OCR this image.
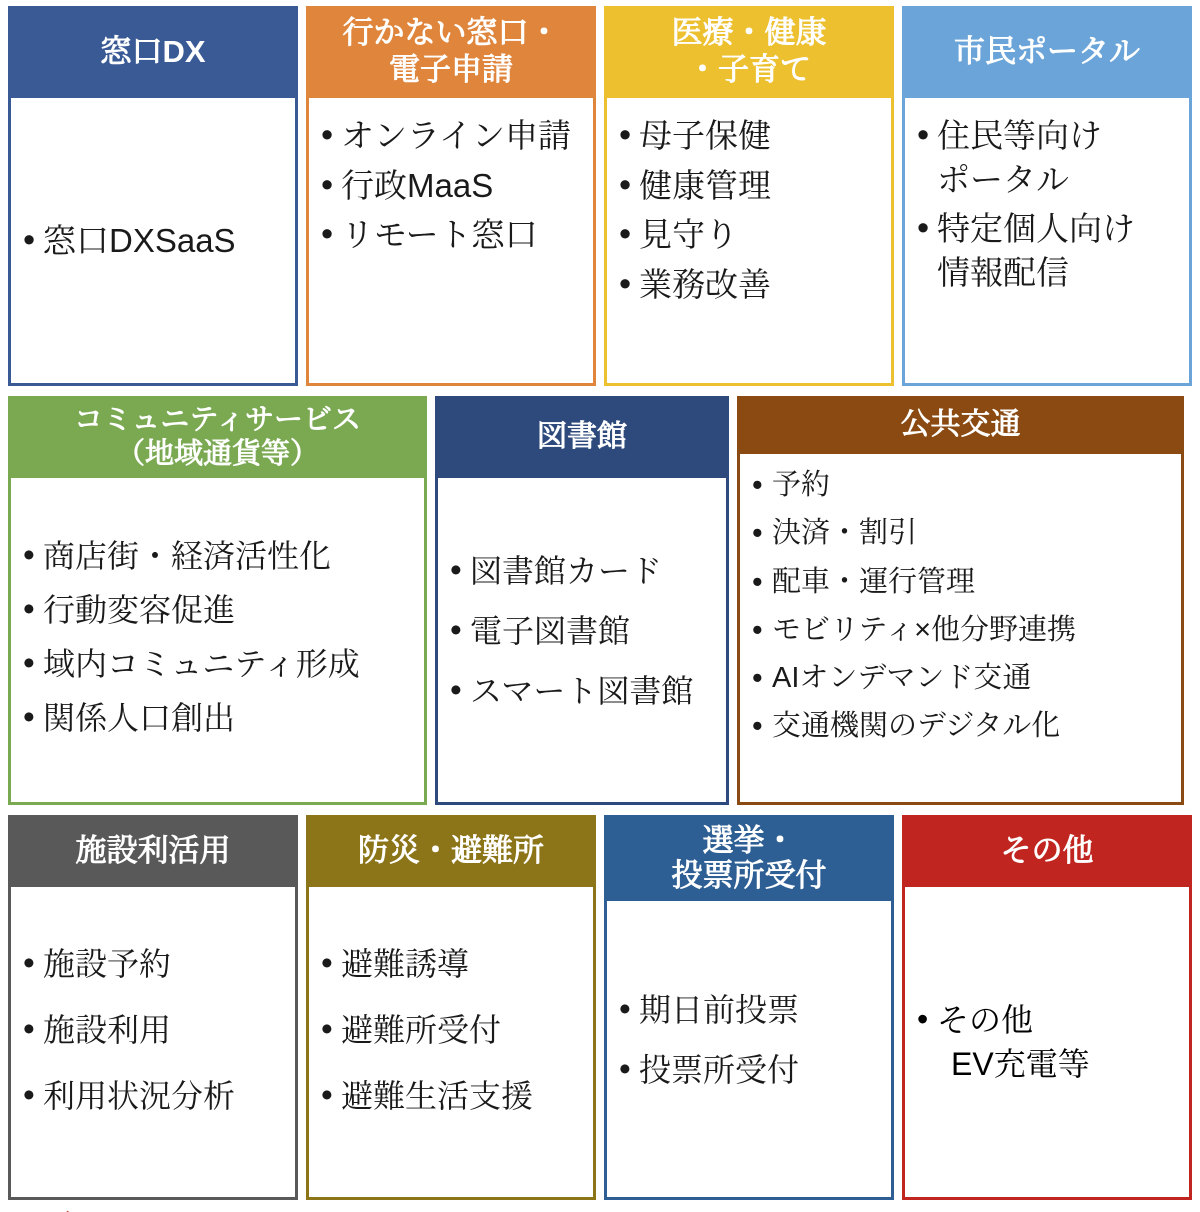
窓口DX
• 窓口DXSaaS
行かない窓口・
電子申請
• オンライン申請
• 行政MaaS
• リモート窓口
医療・健康
・子育て
• 母子保健
• 健康管理
• 見守り
• 業務改善
市民ポータル
• 住民等向け
ポータル
• 特定個人向け
情報配信
コミュニティサービス
（地域通貨等）
• 商店街・経済活性化
• 行動変容促進
• 域内コミュニティ形成
• 関係人口創出
図書館
• 図書館カード
• 電子図書館
• スマート図書館
公共交通
• 予約
• 決済・割引
• 配車・運行管理
• モビリティ×他分野連携
• AIオンデマンド交通
• 交通機関のデジタル化
施設利活用
• 施設予約
• 施設利用
• 利用状況分析
防災・避難所
• 避難誘導
• 避難所受付
• 避難生活支援
選挙・
投票所受付
• 期日前投票
• 投票所受付
その他
• その他
EV充電等
